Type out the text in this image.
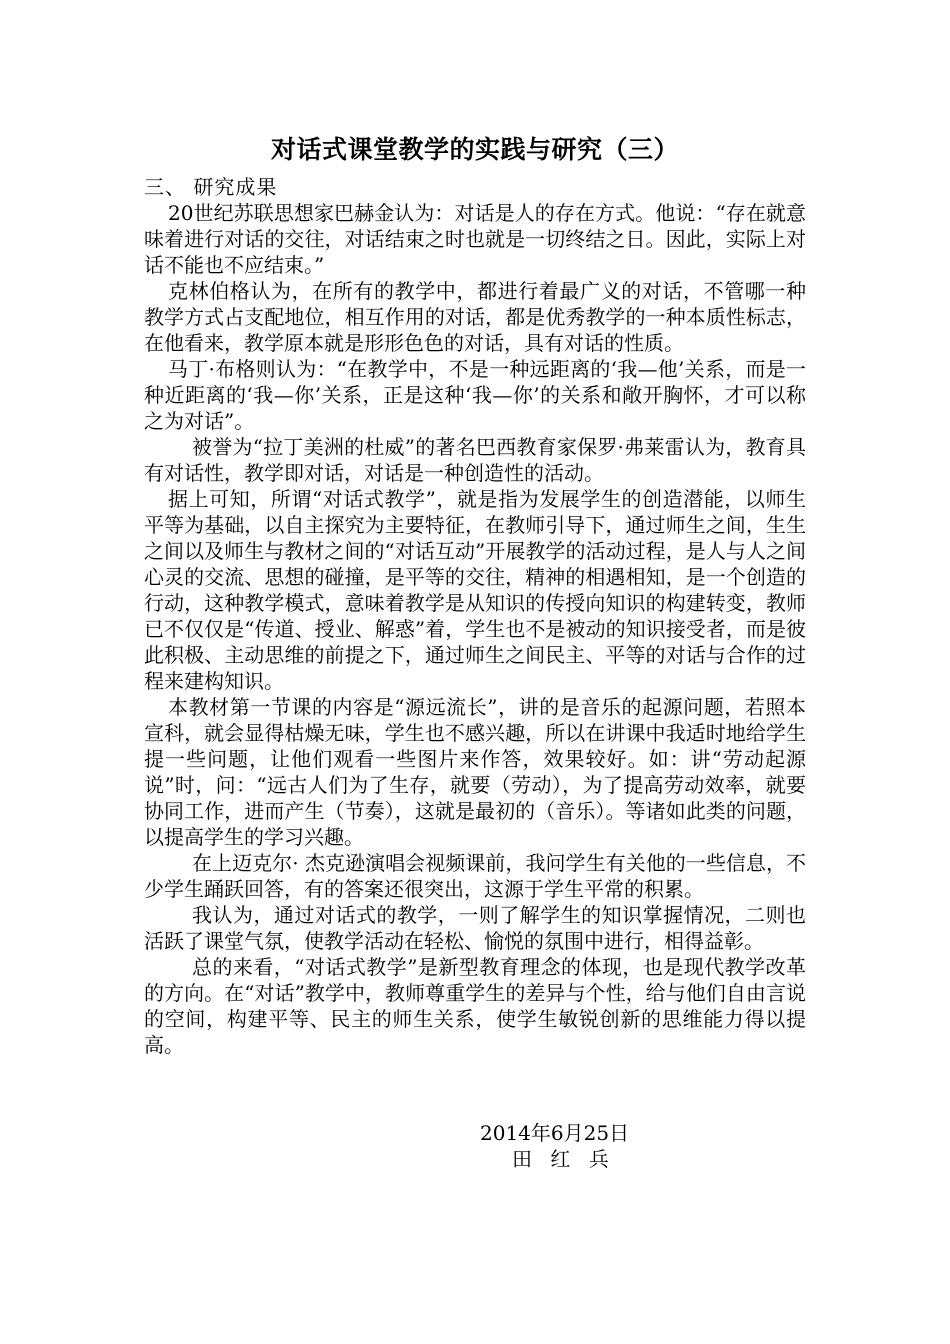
对话式课堂教学的实践与研究（三）

三、 研究成果

20世纪苏联思想家巴赫金认为：对话是人的存在方式。他说：“存在就意味着进行对话的交往，对话结束之时也就是一切终结之日。因此，实际上对话不能也不应结束。”

克林伯格认为，在所有的教学中，都进行着最广义的对话，不管哪一种教学方式占支配地位，相互作用的对话，都是优秀教学的一种本质性标志，在他看来，教学原本就是形形色色的对话，具有对话的性质。

马丁·布格则认为：“在教学中，不是一种远距离的‘我—他’关系，而是一种近距离的‘我—你’关系，正是这种‘我—你’的关系和敞开胸怀，才可以称之为对话”。

被誉为“拉丁美洲的杜威”的著名巴西教育家保罗·弗莱雷认为，教育具有对话性，教学即对话，对话是一种创造性的活动。

据上可知，所谓“对话式教学”，就是指为发展学生的创造潜能，以师生平等为基础，以自主探究为主要特征，在教师引导下，通过师生之间，生生之间以及师生与教材之间的“对话互动”开展教学的活动过程，是人与人之间心灵的交流、思想的碰撞，是平等的交往，精神的相遇相知，是一个创造的行动，这种教学模式，意味着教学是从知识的传授向知识的构建转变，教师已不仅仅是“传道、授业、解惑”着，学生也不是被动的知识接受者，而是彼此积极、主动思维的前提之下，通过师生之间民主、平等的对话与合作的过程来建构知识。

本教材第一节课的内容是“源远流长”，讲的是音乐的起源问题，若照本宣科，就会显得枯燥无味，学生也不感兴趣，所以在讲课中我适时地给学生提一些问题，让他们观看一些图片来作答，效果较好。如：讲“劳动起源说”时，问：“远古人们为了生存，就要（劳动），为了提高劳动效率，就要协同工作，进而产生（节奏），这就是最初的（音乐）。等诸如此类的问题，以提高学生的学习兴趣。

在上迈克尔· 杰克逊演唱会视频课前，我问学生有关他的一些信息，不少学生踊跃回答，有的答案还很突出，这源于学生平常的积累。

我认为，通过对话式的教学，一则了解学生的知识掌握情况，二则也活跃了课堂气氛，使教学活动在轻松、愉悦的氛围中进行，相得益彰。

总的来看，“对话式教学”是新型教育理念的体现，也是现代教学改革的方向。在“对话”教学中，教师尊重学生的差异与个性，给与他们自由言说的空间，构建平等、民主的师生关系，使学生敏锐创新的思维能力得以提高。

2014年6月25日

田 红 兵
